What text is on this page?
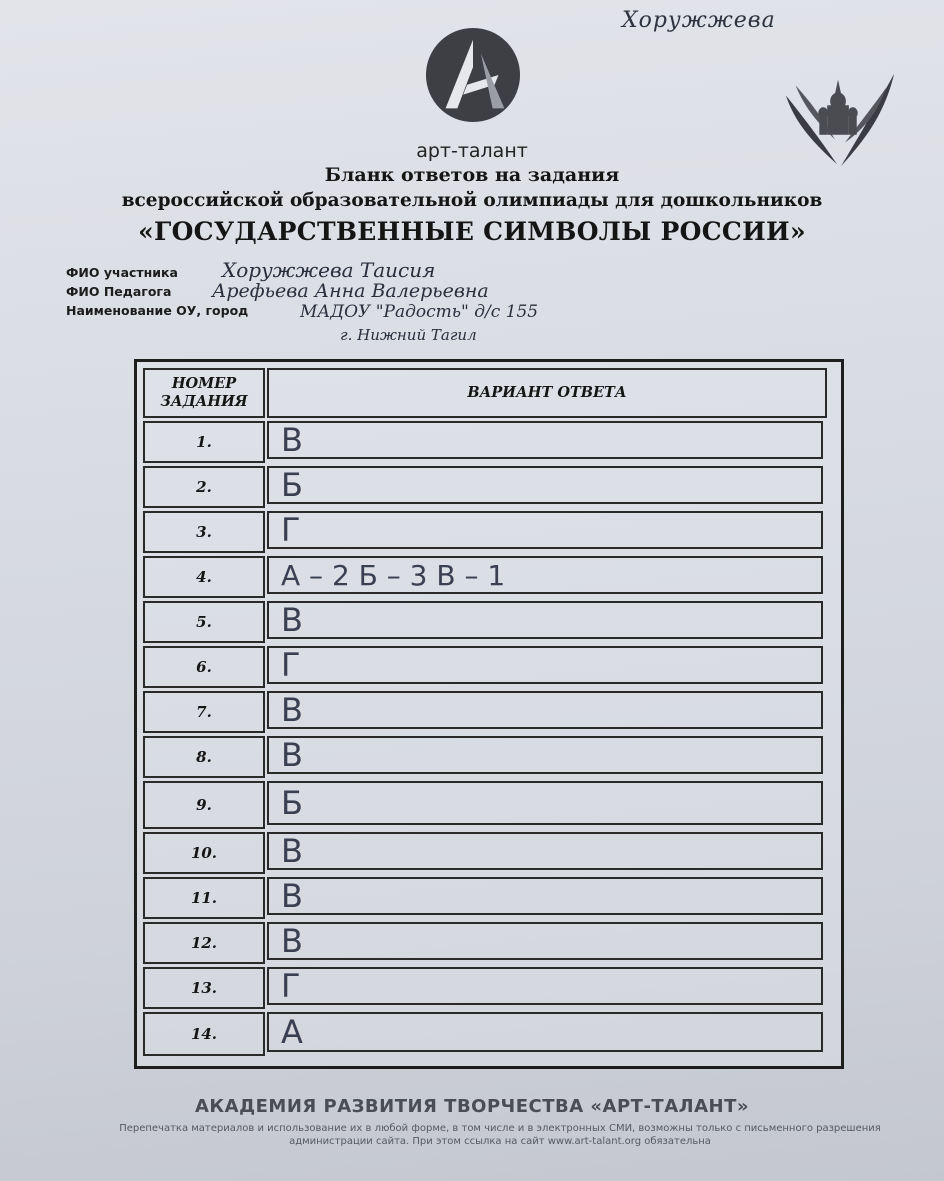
Хоружжева
арт-талант
Бланк ответов на задания
всероссийской образовательной олимпиады для дошкольников
«ГОСУДАРСТВЕННЫЕ СИМВОЛЫ РОССИИ»
ФИО участника Хоружжева Таисия
ФИО Педагога Арефьева Анна Валерьевна
Наименование ОУ, город	МАДОУ "Радость" д/с 155
г. Нижний Тагил
НОМЕР ЗАДАНИЯ
ВАРИАНТ ОТВЕТА
1.	В
2.	Б
3.	Г
4.	А – 2 Б – 3 В – 1
5.	В
6.	Г
7.	В
8.	В
9.	Б
10.	В
11.	В
12.	В
13.	Г
14.	А
АКАДЕМИЯ РАЗВИТИЯ ТВОРЧЕСТВА «АРТ-ТАЛАНТ»
Перепечатка материалов и использование их в любой форме, в том числе и в электронных СМИ, возможны только с письменного разрешения администрации сайта. При этом ссылка на сайт www.art-talant.org обязательна
